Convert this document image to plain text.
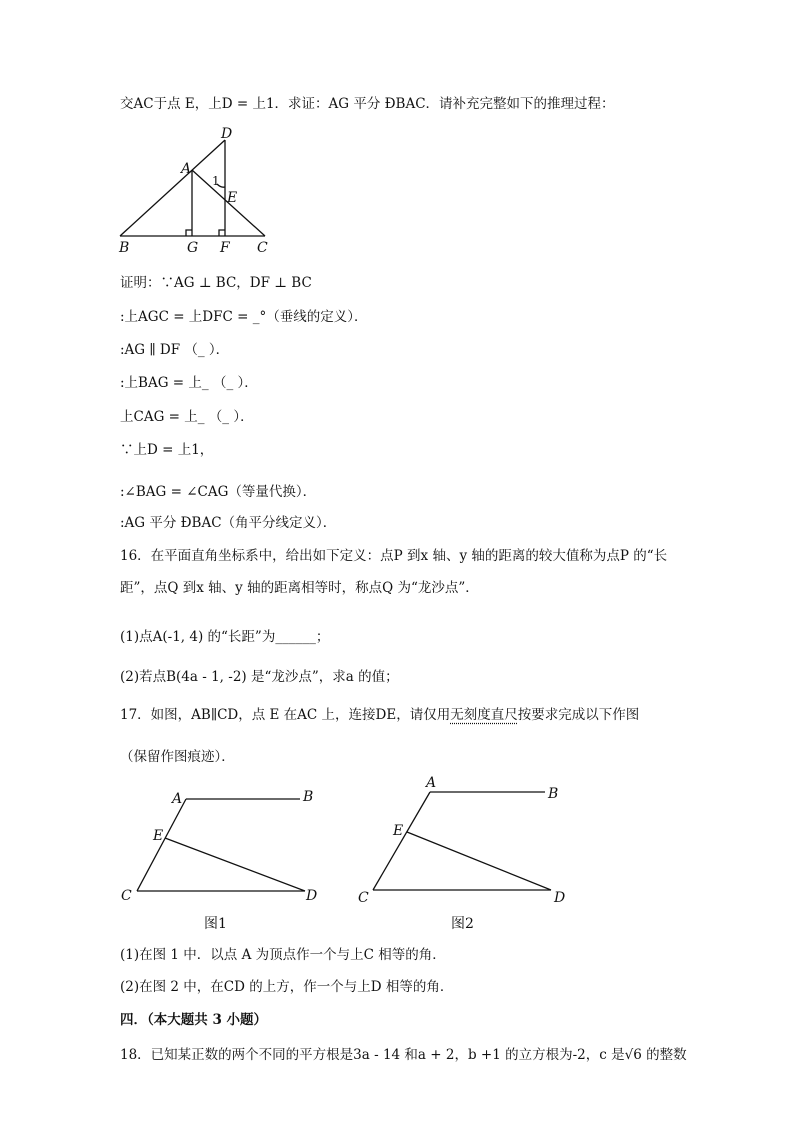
交AC于点 E，上D = 上1．求证：AG 平分 ÐBAC．请补充完整如下的推理过程：
D
A
1
E
B	G F C
证明：∵AG ⊥ BC，DF ⊥ BC
:上AGC = 上DFC = _°（垂线的定义）．
:AG ∥ DF （_ ）．
:上BAG = 上_ （_ ）．
上CAG = 上_ （_ ）．
∵上D = 上1，
:∠BAG = ∠CAG（等量代换）．
:AG 平分 ÐBAC（角平分线定义）．
16．在平面直角坐标系中，给出如下定义：点P 到x 轴、y 轴的距离的较大值称为点P 的“长
距”，点Q 到x 轴、y 轴的距离相等时，称点Q 为“龙沙点”．
(1)点A(-1, 4) 的“长距”为______；
(2)若点B(4a - 1, -2) 是“龙沙点”，求a 的值；
17．如图，AB∥CD，点 E 在AC 上，连接DE，请仅用无刻度直尺按要求完成以下作图
（保留作图痕迹）．
A	B
E
C	D
图1
A
B
E
C	D
图2
(1)在图 1 中．以点 A 为顶点作一个与上C 相等的角．
(2)在图 2 中，在CD 的上方，作一个与上D 相等的角．
四．（本大题共 3 小题）
18．已知某正数的两个不同的平方根是3a - 14 和a + 2，b +1 的立方根为-2，c 是√6 的整数
